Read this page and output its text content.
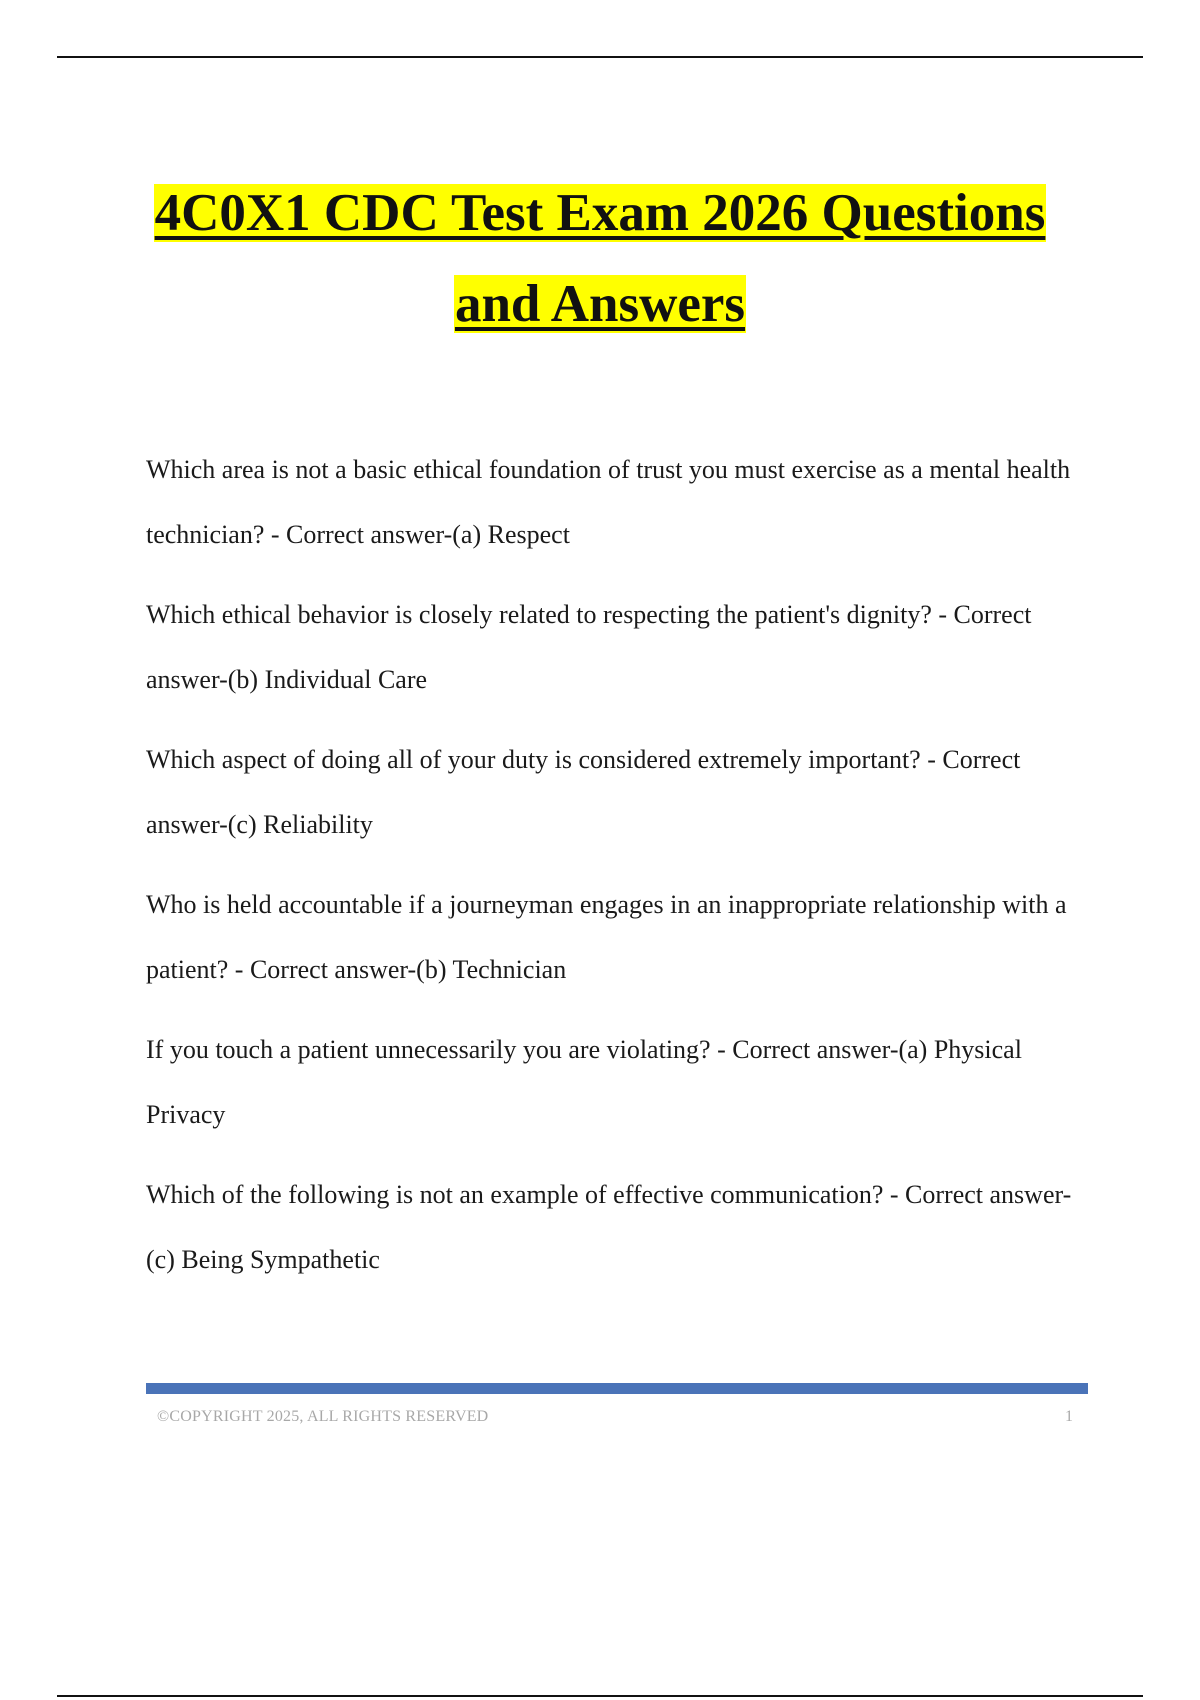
4C0X1 CDC Test Exam 2026 Questions
and Answers

Which area is not a basic ethical foundation of trust you must exercise as a mental health technician? - Correct answer-(a) Respect

Which ethical behavior is closely related to respecting the patient's dignity? - Correct answer-(b) Individual Care

Which aspect of doing all of your duty is considered extremely important? - Correct answer-(c) Reliability

Who is held accountable if a journeyman engages in an inappropriate relationship with a patient? - Correct answer-(b) Technician

If you touch a patient unnecessarily you are violating? - Correct answer-(a) Physical Privacy

Which of the following is not an example of effective communication? - Correct answer-(c) Being Sympathetic

©COPYRIGHT 2025, ALL RIGHTS RESERVED	1
